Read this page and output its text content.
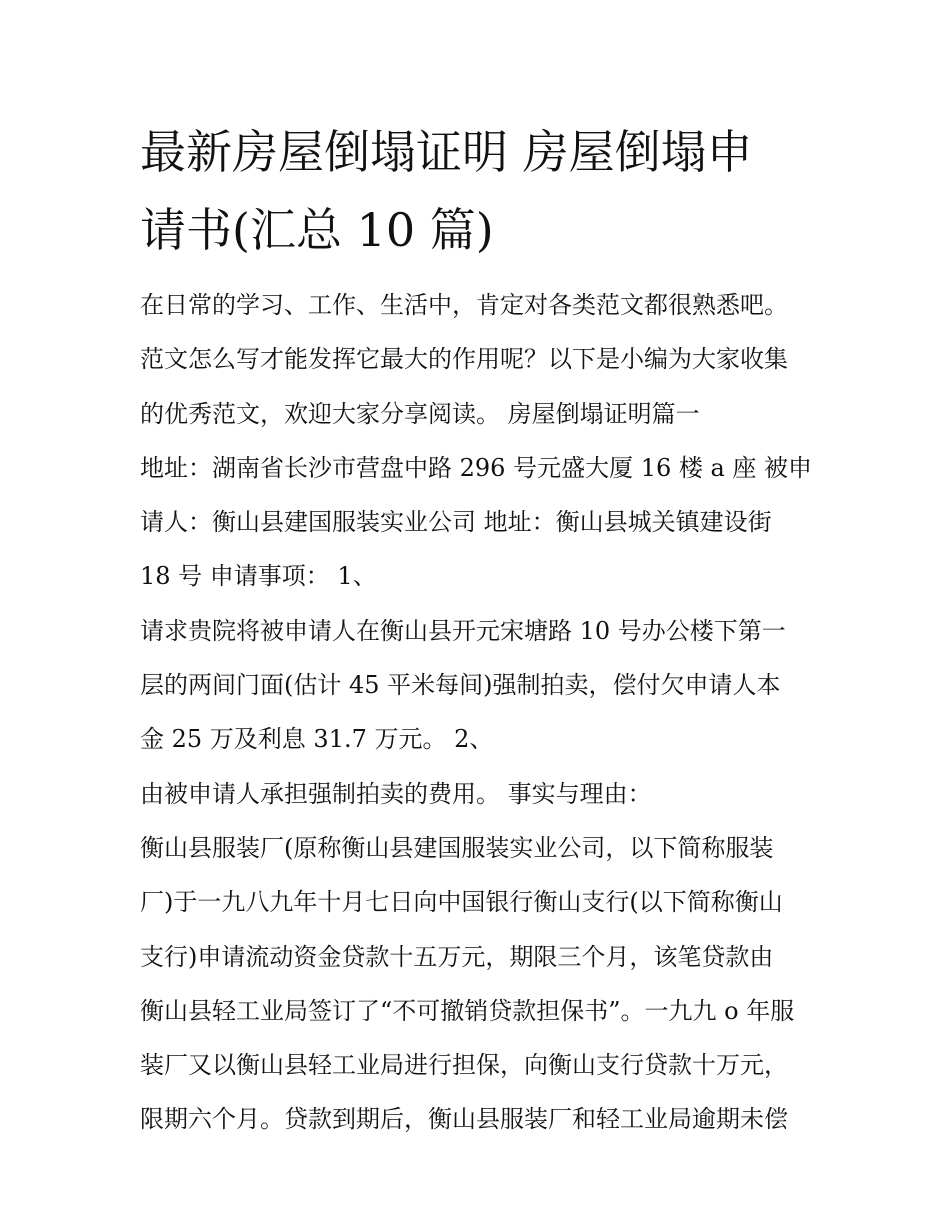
最新房屋倒塌证明 房屋倒塌申
请书(汇总 10 篇)
在日常的学习、工作、生活中，肯定对各类范文都很熟悉吧。
范文怎么写才能发挥它最大的作用呢？以下是小编为大家收集
的优秀范文，欢迎大家分享阅读。 房屋倒塌证明篇一
地址：湖南省长沙市营盘中路 296 号元盛大厦 16 楼 a 座 被申
请人：衡山县建国服装实业公司 地址：衡山县城关镇建设街
18 号 申请事项： 1、
请求贵院将被申请人在衡山县开元宋塘路 10 号办公楼下第一
层的两间门面(估计 45 平米每间)强制拍卖，偿付欠申请人本
金 25 万及利息 31.7 万元。 2、
由被申请人承担强制拍卖的费用。 事实与理由：
衡山县服装厂(原称衡山县建国服装实业公司，以下简称服装
厂)于一九八九年十月七日向中国银行衡山支行(以下简称衡山
支行)申请流动资金贷款十五万元，期限三个月，该笔贷款由
衡山县轻工业局签订了“不可撤销贷款担保书”。一九九 o 年服
装厂又以衡山县轻工业局进行担保，向衡山支行贷款十万元，
限期六个月。贷款到期后，衡山县服装厂和轻工业局逾期未偿
